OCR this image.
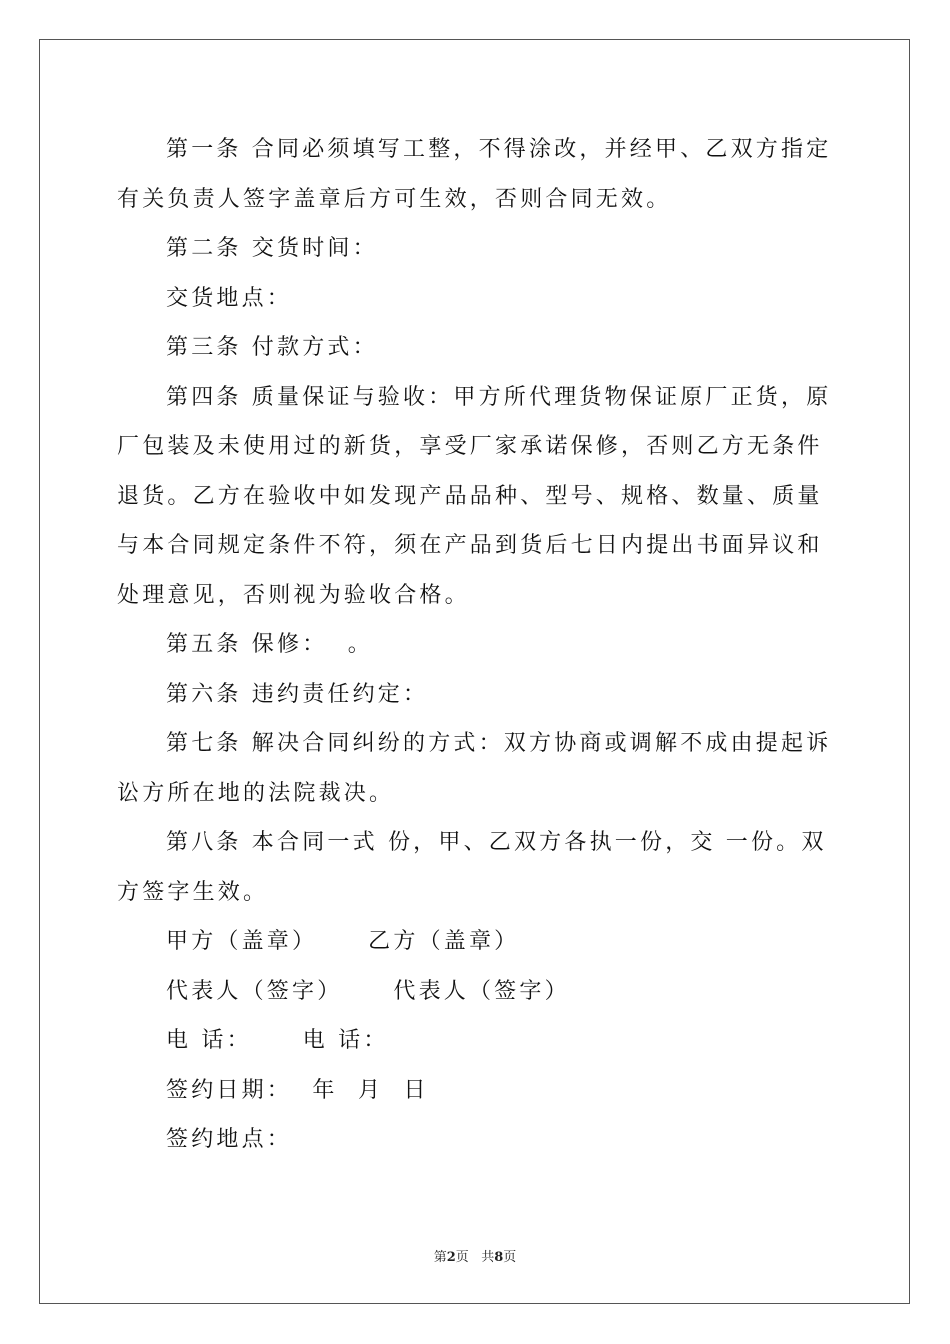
第一条 合同必须填写工整，不得涂改，并经甲、乙双方指定有关负责人签字盖章后方可生效，否则合同无效。

第二条 交货时间：

交货地点：

第三条 付款方式：

第四条 质量保证与验收：甲方所代理货物保证原厂正货，原厂包装及未使用过的新货，享受厂家承诺保修，否则乙方无条件退货。乙方在验收中如发现产品品种、型号、规格、数量、质量与本合同规定条件不符，须在产品到货后七日内提出书面异议和处理意见，否则视为验收合格。

第五条 保修：  。

第六条 违约责任约定：

第七条 解决合同纠纷的方式：双方协商或调解不成由提起诉讼方所在地的法院裁决。

第八条 本合同一式 份，甲、乙双方各执一份，交 一份。双方签字生效。

甲方（盖章）     乙方（盖章）

代表人（签字）     代表人（签字）

电 话：     电 话：

签约日期：  年  月  日

签约地点：

第2页 共8页
